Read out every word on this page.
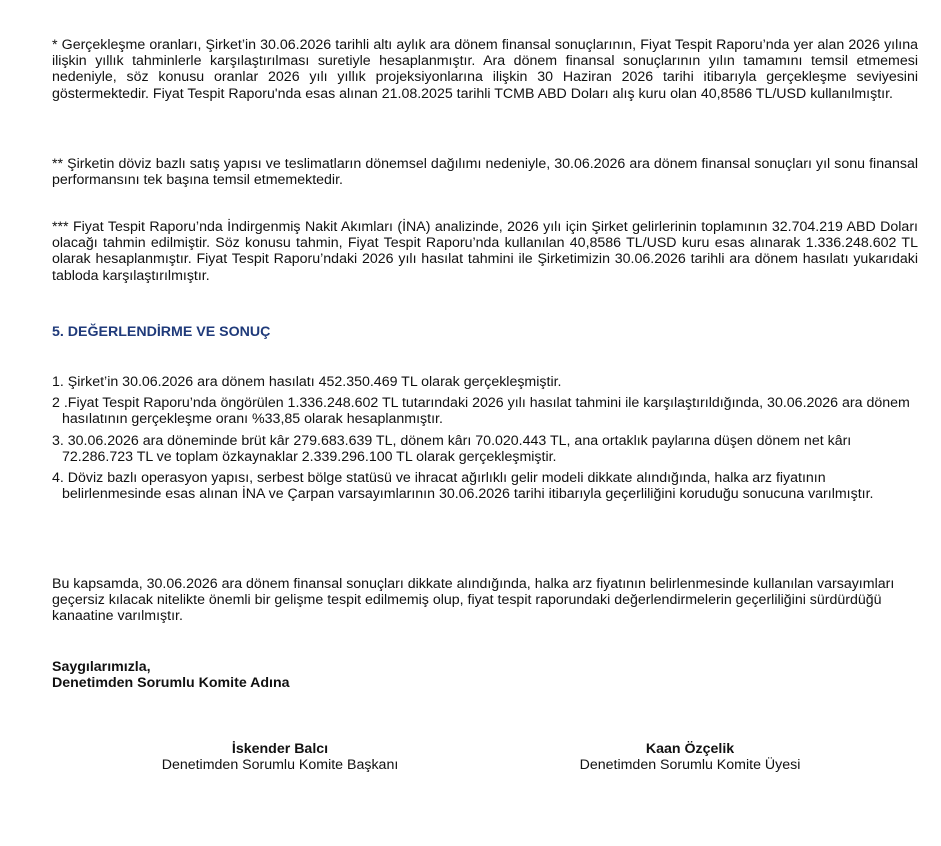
* Gerçekleşme oranları, Şirket’in 30.06.2026 tarihli altı aylık ara dönem finansal sonuçlarının, Fiyat Tespit Raporu’nda yer alan 2026 yılına ilişkin yıllık tahminlerle karşılaştırılması suretiyle hesaplanmıştır. Ara dönem finansal sonuçlarının yılın tamamını temsil etmemesi nedeniyle, söz konusu oranlar 2026 yılı yıllık projeksiyonlarına ilişkin 30 Haziran 2026 tarihi itibarıyla gerçekleşme seviyesini göstermektedir. Fiyat Tespit Raporu'nda esas alınan 21.08.2025 tarihli TCMB ABD Doları alış kuru olan 40,8586 TL/USD kullanılmıştır.

** Şirketin döviz bazlı satış yapısı ve teslimatların dönemsel dağılımı nedeniyle, 30.06.2026 ara dönem finansal sonuçları yıl sonu finansal performansını tek başına temsil etmemektedir.

*** Fiyat Tespit Raporu’nda İndirgenmiş Nakit Akımları (İNA) analizinde, 2026 yılı için Şirket gelirlerinin toplamının 32.704.219 ABD Doları olacağı tahmin edilmiştir. Söz konusu tahmin, Fiyat Tespit Raporu’nda kullanılan 40,8586 TL/USD kuru esas alınarak 1.336.248.602 TL olarak hesaplanmıştır. Fiyat Tespit Raporu’ndaki 2026 yılı hasılat tahmini ile Şirketimizin 30.06.2026 tarihli ara dönem hasılatı yukarıdaki tabloda karşılaştırılmıştır.

5. DEĞERLENDİRME VE SONUÇ

1. Şirket’in 30.06.2026 ara dönem hasılatı 452.350.469 TL olarak gerçekleşmiştir.

2 .Fiyat Tespit Raporu’nda öngörülen 1.336.248.602 TL tutarındaki 2026 yılı hasılat tahmini ile karşılaştırıldığında, 30.06.2026 ara dönem hasılatının gerçekleşme oranı %33,85 olarak hesaplanmıştır.

3. 30.06.2026 ara döneminde brüt kâr 279.683.639 TL, dönem kârı 70.020.443 TL, ana ortaklık paylarına düşen dönem net kârı 72.286.723 TL ve toplam özkaynaklar 2.339.296.100 TL olarak gerçekleşmiştir.

4. Döviz bazlı operasyon yapısı, serbest bölge statüsü ve ihracat ağırlıklı gelir modeli dikkate alındığında, halka arz fiyatının belirlenmesinde esas alınan İNA ve Çarpan varsayımlarının 30.06.2026 tarihi itibarıyla geçerliliğini koruduğu sonucuna varılmıştır.

Bu kapsamda, 30.06.2026 ara dönem finansal sonuçları dikkate alındığında, halka arz fiyatının belirlenmesinde kullanılan varsayımları geçersiz kılacak nitelikte önemli bir gelişme tespit edilmemiş olup, fiyat tespit raporundaki değerlendirmelerin geçerliliğini sürdürdüğü kanaatine varılmıştır.

Saygılarımızla,
Denetimden Sorumlu Komite Adına
İskender Balcı
Denetimden Sorumlu Komite Başkanı
Kaan Özçelik
Denetimden Sorumlu Komite Üyesi
